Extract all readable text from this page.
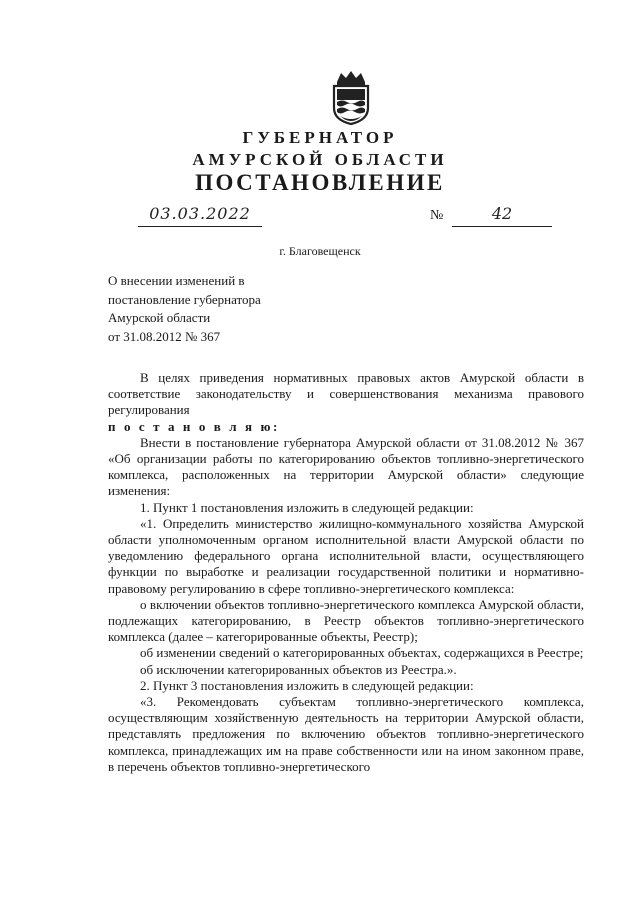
ГУБЕРНАТОР
АМУРСКОЙ ОБЛАСТИ
ПОСТАНОВЛЕНИЕ
03.03.2022	№	42
г. Благовещенск
О внесении изменений в
постановление губернатора
Амурской области
от 31.08.2012 № 367

В целях приведения нормативных правовых актов Амурской области в соответствие законодательству и совершенствования механизма правового регулирования

п о с т а н о в л я ю:

Внести в постановление губернатора Амурской области от 31.08.2012 № 367 «Об организации работы по категорированию объектов топливно-энергетического комплекса, расположенных на территории Амурской области» следующие изменения:

1. Пункт 1 постановления изложить в следующей редакции:

«1. Определить министерство жилищно-коммунального хозяйства Амурской области уполномоченным органом исполнительной власти Амурской области по уведомлению федерального органа исполнительной власти, осуществляющего функции по выработке и реализации государственной политики и нормативно-правовому регулированию в сфере топливно-энергетического комплекса:

о включении объектов топливно-энергетического комплекса Амурской области, подлежащих категорированию, в Реестр объектов топливно-энергетического комплекса (далее – категорированные объекты, Реестр);

об изменении сведений о категорированных объектах, содержащихся в Реестре;

об исключении категорированных объектов из Реестра.».

2. Пункт 3 постановления изложить в следующей редакции:

«3. Рекомендовать субъектам топливно-энергетического комплекса, осуществляющим хозяйственную деятельность на территории Амурской области, представлять предложения по включению объектов топливно-энергетического комплекса, принадлежащих им на праве собственности или на ином законном праве, в перечень объектов топливно-энергетического
